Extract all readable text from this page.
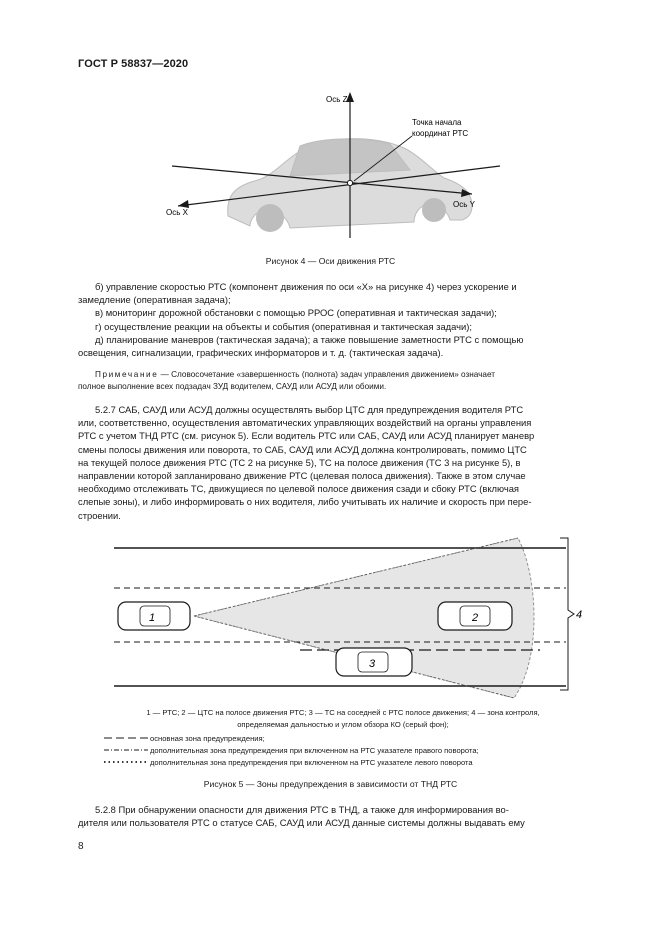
ГОСТ Р 58837—2020
Ось Z
Ось X
Ось Y
Точка начала
координат РТС
Рисунок 4 — Оси движения РТС
б) управление скоростью РТС (компонент движения по оси «X» на рисунке 4) через ускорение и
замедление (оперативная задача);
в) мониторинг дорожной обстановки с помощью РРОС (оперативная и тактическая задачи);
г) осуществление реакции на объекты и события (оперативная и тактическая задачи);
д) планирование маневров (тактическая задача); а также повышение заметности РТС с помощью
освещения, сигнализации, графических информаторов и т. д. (тактическая задача).
Примечание — Словосочетание «завершенность (полнота) задач управления движением» означает
полное выполнение всех подзадач ЗУД водителем, САУД или АСУД или обоими.
5.2.7 САБ, САУД или АСУД должны осуществлять выбор ЦТС для предупреждения водителя РТС
или, соответственно, осуществления автоматических управляющих воздействий на органы управления
РТС с учетом ТНД РТС (см. рисунок 5). Если водитель РТС или САБ, САУД или АСУД планирует маневр
смены полосы движения или поворота, то САБ, САУД или АСУД должна контролировать, помимо ЦТС
на текущей полосе движения РТС (ТС 2 на рисунке 5), ТС на полосе движения (ТС 3 на рисунке 5), в
направлении которой запланировано движение РТС (целевая полоса движения). Также в этом случае
необходимо отслеживать ТС, движущиеся по целевой полосе движения сзади и сбоку РТС (включая
слепые зоны), и либо информировать о них водителя, либо учитывать их наличие и скорость при пере-
строении.
1	2
3
4
1 — РТС; 2 — ЦТС на полосе движения РТС; 3 — ТС на соседней с РТС полосе движения; 4 — зона контроля,
определяемая дальностью и углом обзора КО (серый фон);
основная зона предупреждения;
дополнительная зона предупреждения при включенном на РТС указателе правого поворота;
дополнительная зона предупреждения при включенном на РТС указателе левого поворота
Рисунок 5 — Зоны предупреждения в зависимости от ТНД РТС
5.2.8 При обнаружении опасности для движения РТС в ТНД, а также для информирования во-
дителя или пользователя РТС о статусе САБ, САУД или АСУД данные системы должны выдавать ему
8
